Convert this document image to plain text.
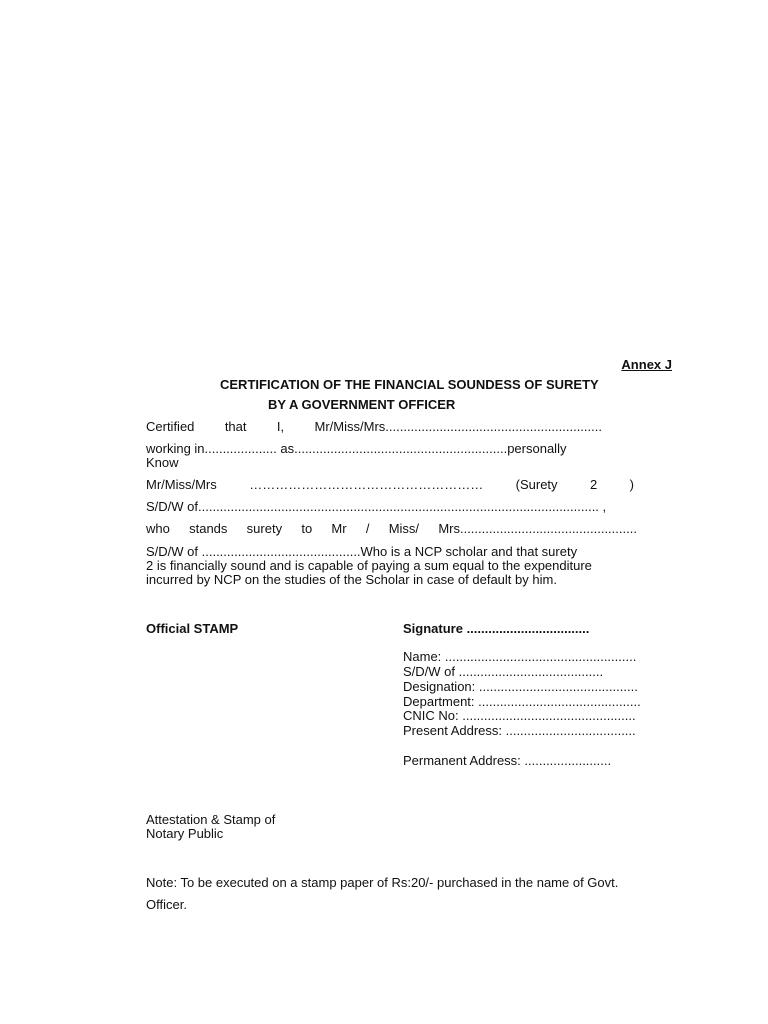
Annex J
CERTIFICATION OF THE FINANCIAL SOUNDESS OF SURETY
BY A GOVERNMENT OFFICER
Certified that I, Mr/Miss/Mrs............................................................
working in.................... as...........................................................personally
Know
Mr/Miss/Mrs ……………………………………………… (Surety 2 )
S/D/W of............................................................................................................... ,
who stands surety to Mr / Miss/ Mrs.................................................
S/D/W of ............................................Who is a NCP scholar and that surety
2 is financially sound and is capable of paying a sum equal to the expenditure
incurred by NCP on the studies of the Scholar in case of default by him.
Official STAMP	Signature ..................................
Name: .....................................................
S/D/W of ........................................
Designation: ............................................
Department: .............................................
CNIC No: ................................................
Present Address: ....................................
Permanent Address: ........................
Attestation & Stamp of
Notary Public
Note: To be executed on a stamp paper of Rs:20/- purchased in the name of Govt.
Officer.
